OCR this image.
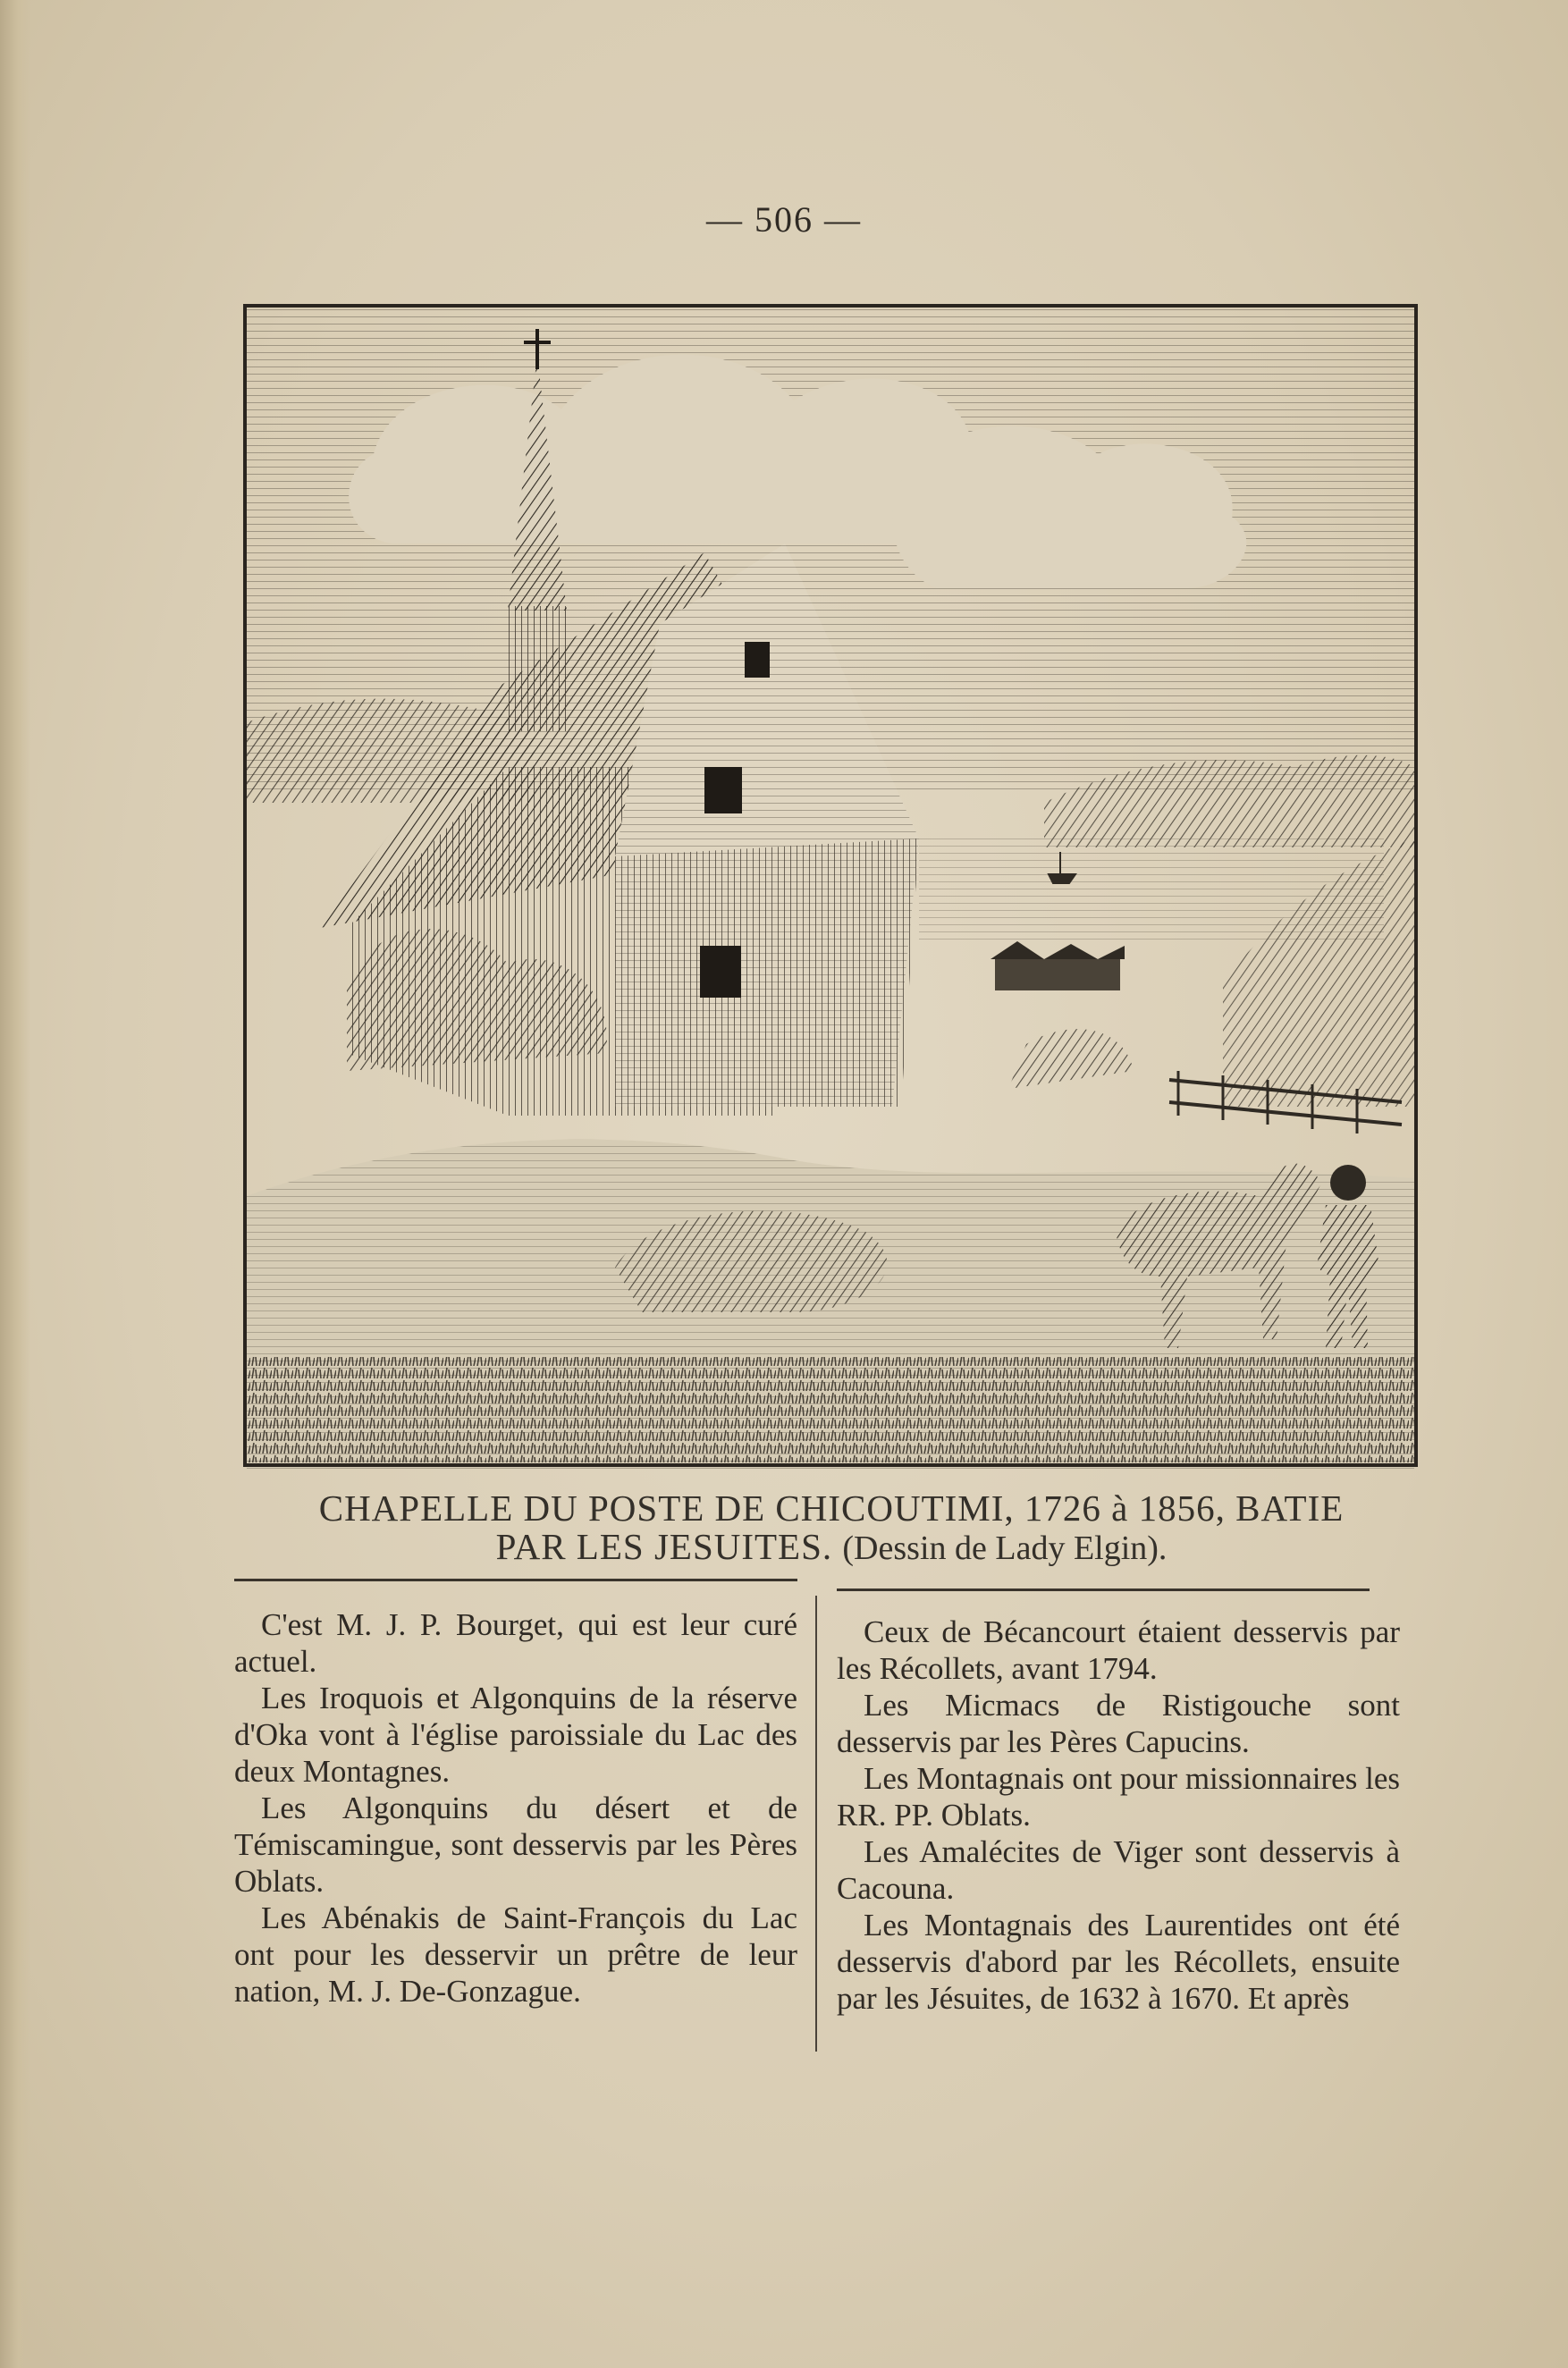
— 506 —
CHAPELLE DU POSTE DE CHICOUTIMI, 1726 à 1856, BATIE
PAR LES JESUITES. (Dessin de Lady Elgin).

C'est M. J. P. Bourget, qui est leur curé actuel.

Les Iroquois et Algonquins de la réserve d'Oka vont à l'église paroissiale du Lac des deux Montagnes.

Les Algonquins du désert et de Témiscamingue, sont desservis par les Pères Oblats.

Les Abénakis de Saint-François du Lac ont pour les desservir un prêtre de leur nation, M. J. De-Gonzague.

Ceux de Bécancourt étaient desservis par les Récollets, avant 1794.

Les Micmacs de Ristigouche sont desservis par les Pères Capucins.

Les Montagnais ont pour missionnaires les RR. PP. Oblats.

Les Amalécites de Viger sont desservis à Cacouna.

Les Montagnais des Laurentides ont été desservis d'abord par les Récollets, ensuite par les Jésuites, de 1632 à 1670. Et après
